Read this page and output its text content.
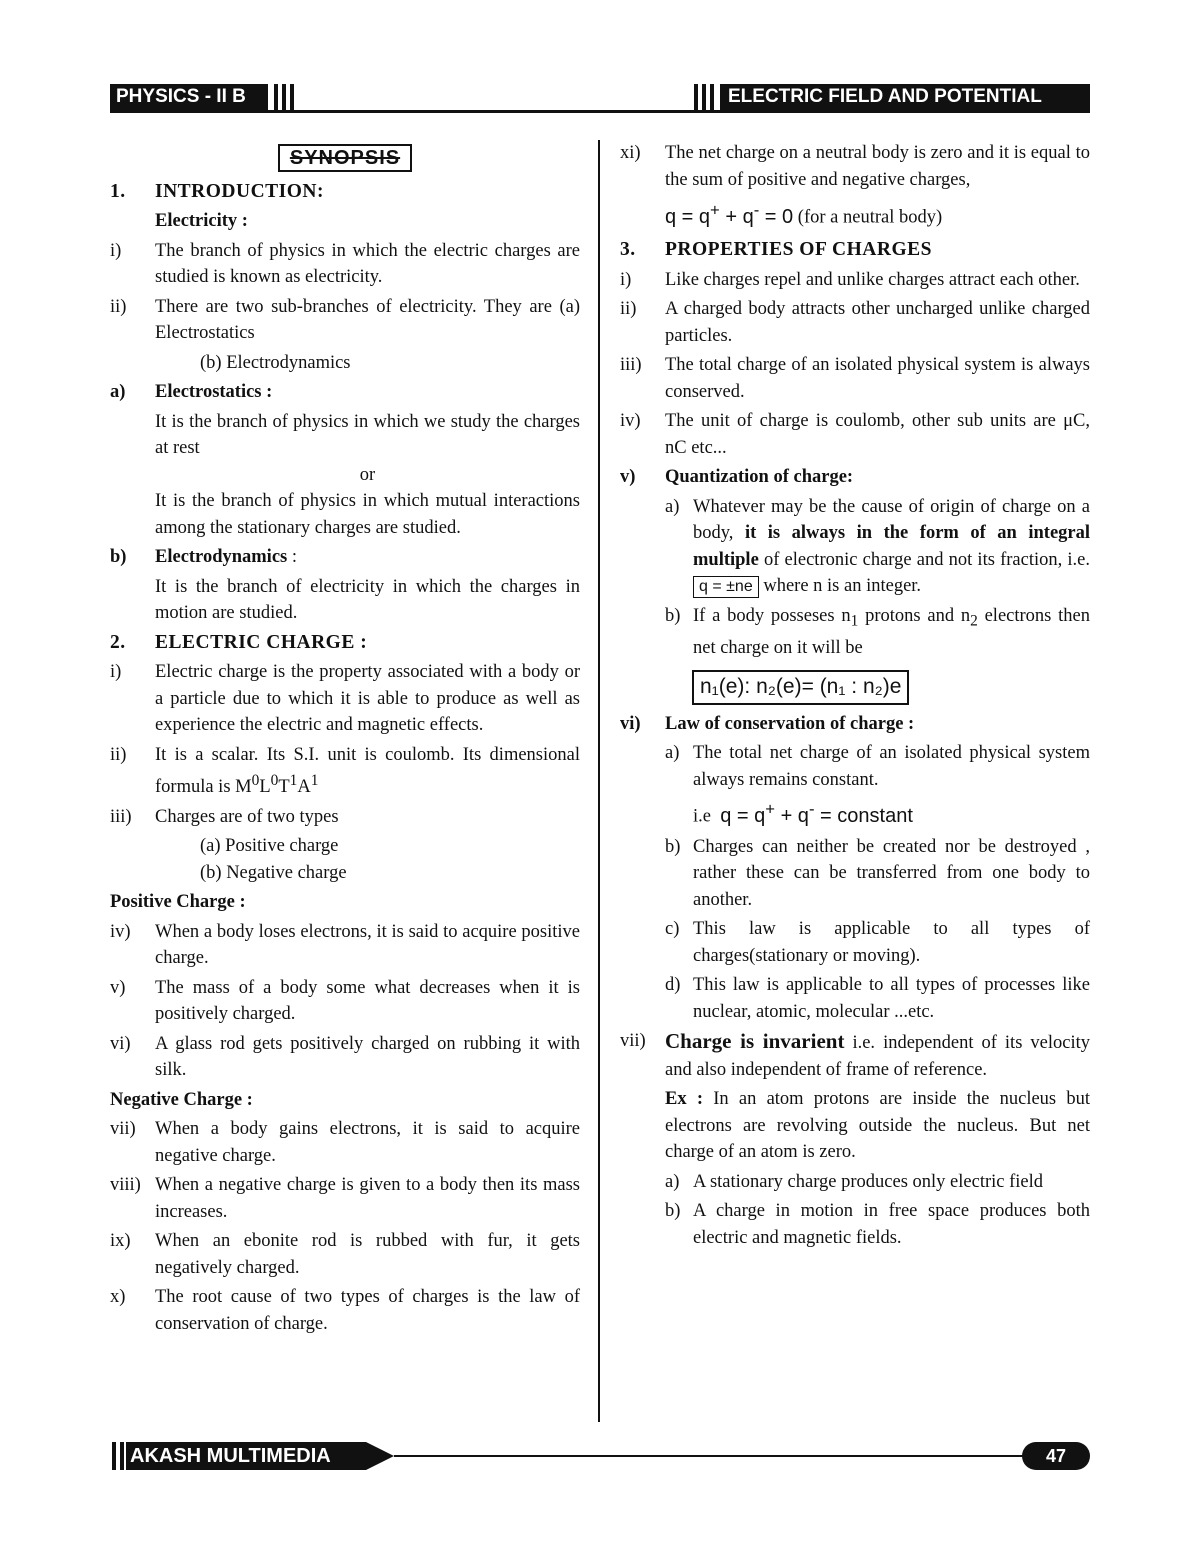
PHYSICS - II B	ELECTRIC FIELD AND POTENTIAL
SYNOPSIS
1.	INTRODUCTION:
Electricity :
i)	The branch of physics in which the electric charges are studied is known as electricity.
ii)	There are two sub-branches of electricity. They are (a) Electrostatics
(b) Electrodynamics
a)	Electrostatics :
It is the branch of physics in which we study the charges at rest
or
It is the branch of physics in which mutual interactions among the stationary charges are studied.
b)	Electrodynamics :
It is the branch of electricity in which the charges in motion are studied.
2.	ELECTRIC CHARGE :
i)	Electric charge is the property associated with a body or a particle due to which it is able to produce as well as experience the electric and magnetic effects.
ii)	It is a scalar. Its S.I. unit is coulomb. Its dimensional formula is $M^0L^0T^1A^1$
iii)	Charges are of two types
(a) Positive charge
(b) Negative charge
Positive Charge :
iv)	When a body loses electrons, it is said to acquire positive charge.
v)	The mass of a body some what decreases when it is positively charged.
vi)	A glass rod gets positively charged on rubbing it with silk.
Negative Charge :
vii)	When a body gains electrons, it is said to acquire negative charge.
viii) When a negative charge is given to a body then its mass increases.
ix)	When an ebonite rod is rubbed with fur, it gets negatively charged.
x)	The root cause of two types of charges is the law of conservation of charge.
xi)	The net charge on a neutral body is zero and it is equal to the sum of positive and negative charges,
q = q+ + q- = 0 (for a neutral body)
3.	PROPERTIES OF CHARGES
i)	Like charges repel and unlike charges attract each other.
ii)	A charged body attracts other uncharged unlike charged particles.
iii)	The total charge of an isolated physical system is always conserved.
iv)	The unit of charge is coulomb, other sub units are μC, nC etc...
v)	Quantization of charge:
a) Whatever may be the cause of origin of charge on a body, it is always in the form of an integral multiple of electronic charge and not its fraction, i.e. q = ±ne where n is an integer.
b) If a body posseses $n_1$ protons and $n_2$ electrons then net charge on it will be
n₁(e): n₂(e)= (n₁ : n₂)e
vi)	Law of conservation of charge :
a) The total net charge of an isolated physical system always remains constant.
i.e q = q+ + q- = constant
b) Charges can neither be created nor be destroyed , rather these can be transferred from one body to another.
c) This law is applicable to all types of charges(stationary or moving).
d) This law is applicable to all types of processes like nuclear, atomic, molecular ...etc.
vii) Charge is invarient i.e. independent of its velocity and also independent of frame of reference.
Ex : In an atom protons are inside the nucleus but electrons are revolving outside the nucleus. But net charge of an atom is zero.
a) A stationary charge produces only electric field
b) A charge in motion in free space produces both electric and magnetic fields.
AKASH MULTIMEDIA	47
